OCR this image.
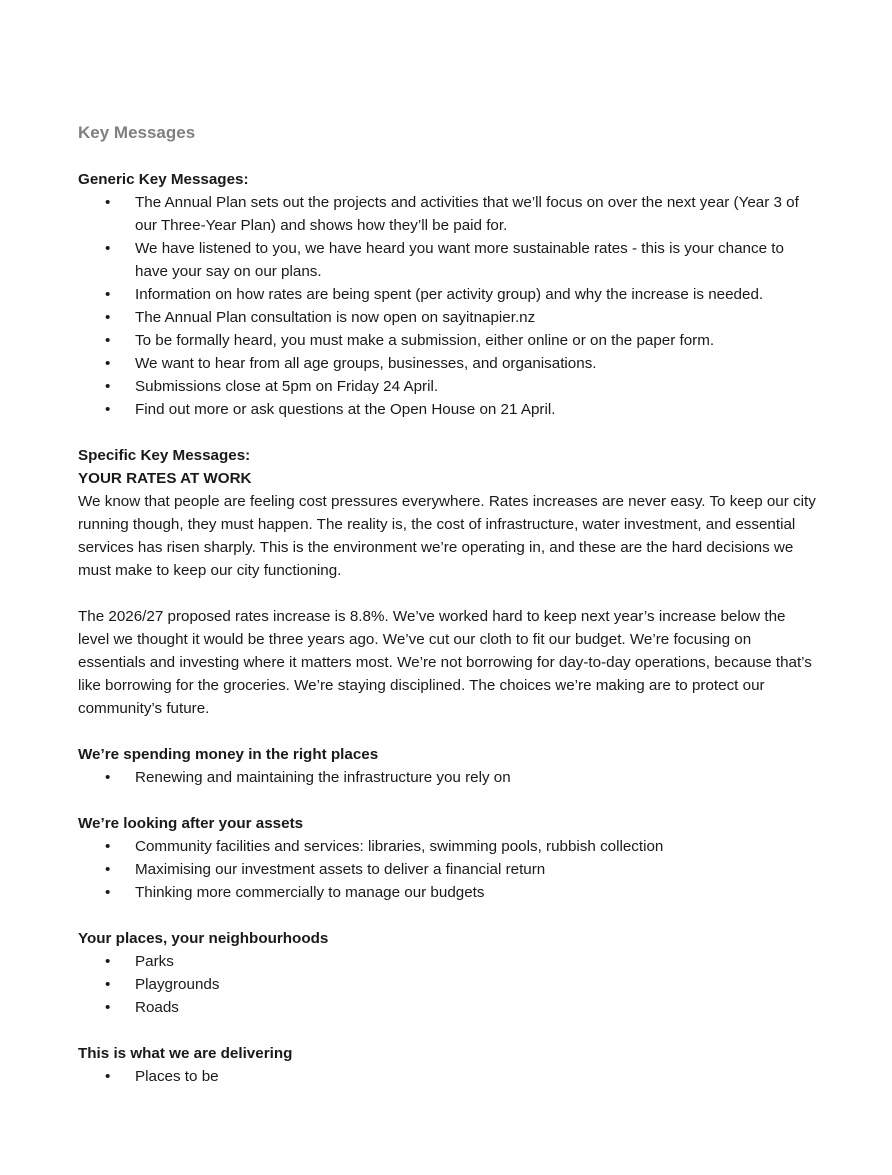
Key Messages

Generic Key Messages:

• The Annual Plan sets out the projects and activities that we’ll focus on over the next year (Year 3 of our Three-Year Plan) and shows how they’ll be paid for.
• We have listened to you, we have heard you want more sustainable rates - this is your chance to have your say on our plans.
• Information on how rates are being spent (per activity group) and why the increase is needed.
• The Annual Plan consultation is now open on sayitnapier.nz
• To be formally heard, you must make a submission, either online or on the paper form.
• We want to hear from all age groups, businesses, and organisations.
• Submissions close at 5pm on Friday 24 April.
• Find out more or ask questions at the Open House on 21 April.

Specific Key Messages:

YOUR RATES AT WORK

We know that people are feeling cost pressures everywhere. Rates increases are never easy. To keep our city running though, they must happen. The reality is, the cost of infrastructure, water investment, and essential services has risen sharply. This is the environment we’re operating in, and these are the hard decisions we must make to keep our city functioning.

The 2026/27 proposed rates increase is 8.8%. We’ve worked hard to keep next year’s increase below the level we thought it would be three years ago. We’ve cut our cloth to fit our budget. We’re focusing on essentials and investing where it matters most. We’re not borrowing for day-to-day operations, because that’s like borrowing for the groceries. We’re staying disciplined. The choices we’re making are to protect our community’s future.

We’re spending money in the right places

• Renewing and maintaining the infrastructure you rely on

We’re looking after your assets

• Community facilities and services: libraries, swimming pools, rubbish collection
• Maximising our investment assets to deliver a financial return
• Thinking more commercially to manage our budgets

Your places, your neighbourhoods

• Parks
• Playgrounds
• Roads

This is what we are delivering

• Places to be
